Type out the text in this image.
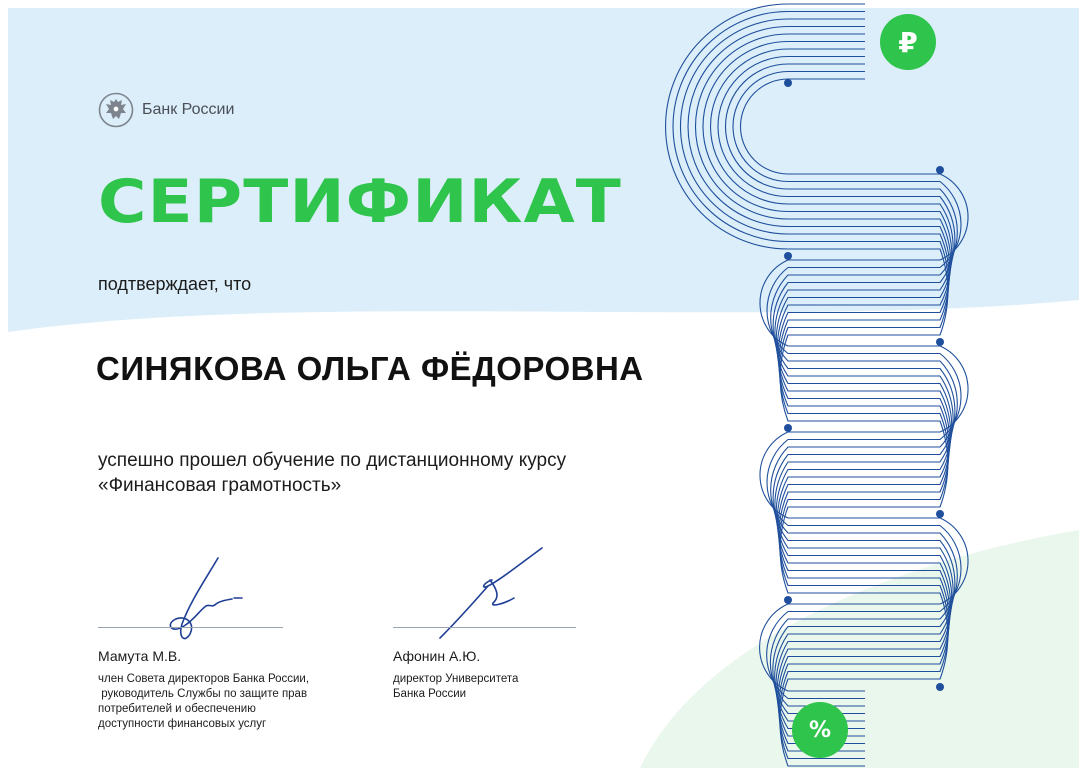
Банк России
СЕРТИФИКАТ
подтверждает, что
СИНЯКОВА ОЛЬГА ФЁДОРОВНА
успешно прошел обучение по дистанционному курсу
«Финансовая грамотность»
Мамута М.В.
член Совета директоров Банка России,
руководитель Службы по защите прав
потребителей и обеспечению
доступности финансовых услуг
Афонин А.Ю.
директор Университета
Банка России
₽
%
